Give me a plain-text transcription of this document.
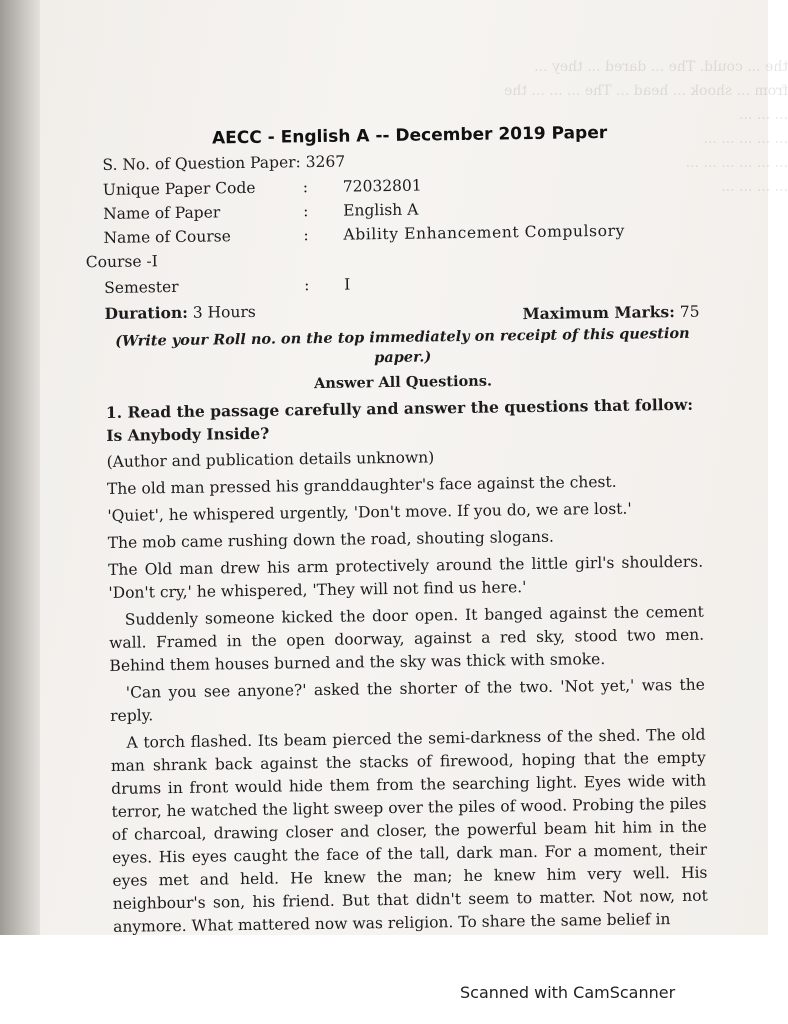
the ... could. The ... dared ... they ...
from ... shook ... head ... The ... ... ... the
... ... ...
... ... ... ... ...
... ... ... ... ... ...
... ... ... ...
AECC - English A -- December 2019 Paper
S. No. of Question Paper: 3267
Unique Paper Code	:	72032801
Name of Paper	:	English A
Name of Course	:	Ability Enhancement Compulsory
Course -I
Semester	:	I
Duration: 3 Hours	Maximum Marks: 75
(Write your Roll no. on the top immediately on receipt of this question paper.)
Answer All Questions.
1. Read the passage carefully and answer the questions that follow:
Is Anybody Inside?
(Author and publication details unknown)
The old man pressed his granddaughter's face against the chest.
'Quiet', he whispered urgently, 'Don't move. If you do, we are lost.'
The mob came rushing down the road, shouting slogans.
The Old man drew his arm protectively around the little girl's shoulders. 'Don't cry,' he whispered, 'They will not find us here.'
Suddenly someone kicked the door open. It banged against the cement wall. Framed in the open doorway, against a red sky, stood two men. Behind them houses burned and the sky was thick with smoke.
'Can you see anyone?' asked the shorter of the two. 'Not yet,' was the reply.
A torch flashed. Its beam pierced the semi-darkness of the shed. The old man shrank back against the stacks of firewood, hoping that the empty drums in front would hide them from the searching light. Eyes wide with terror, he watched the light sweep over the piles of wood. Probing the piles of charcoal, drawing closer and closer, the powerful beam hit him in the eyes. His eyes caught the face of the tall, dark man. For a moment, their eyes met and held. He knew the man; he knew him very well. His neighbour's son, his friend. But that didn't seem to matter. Not now, not anymore. What mattered now was religion. To share the same belief in
Scanned with CamScanner
